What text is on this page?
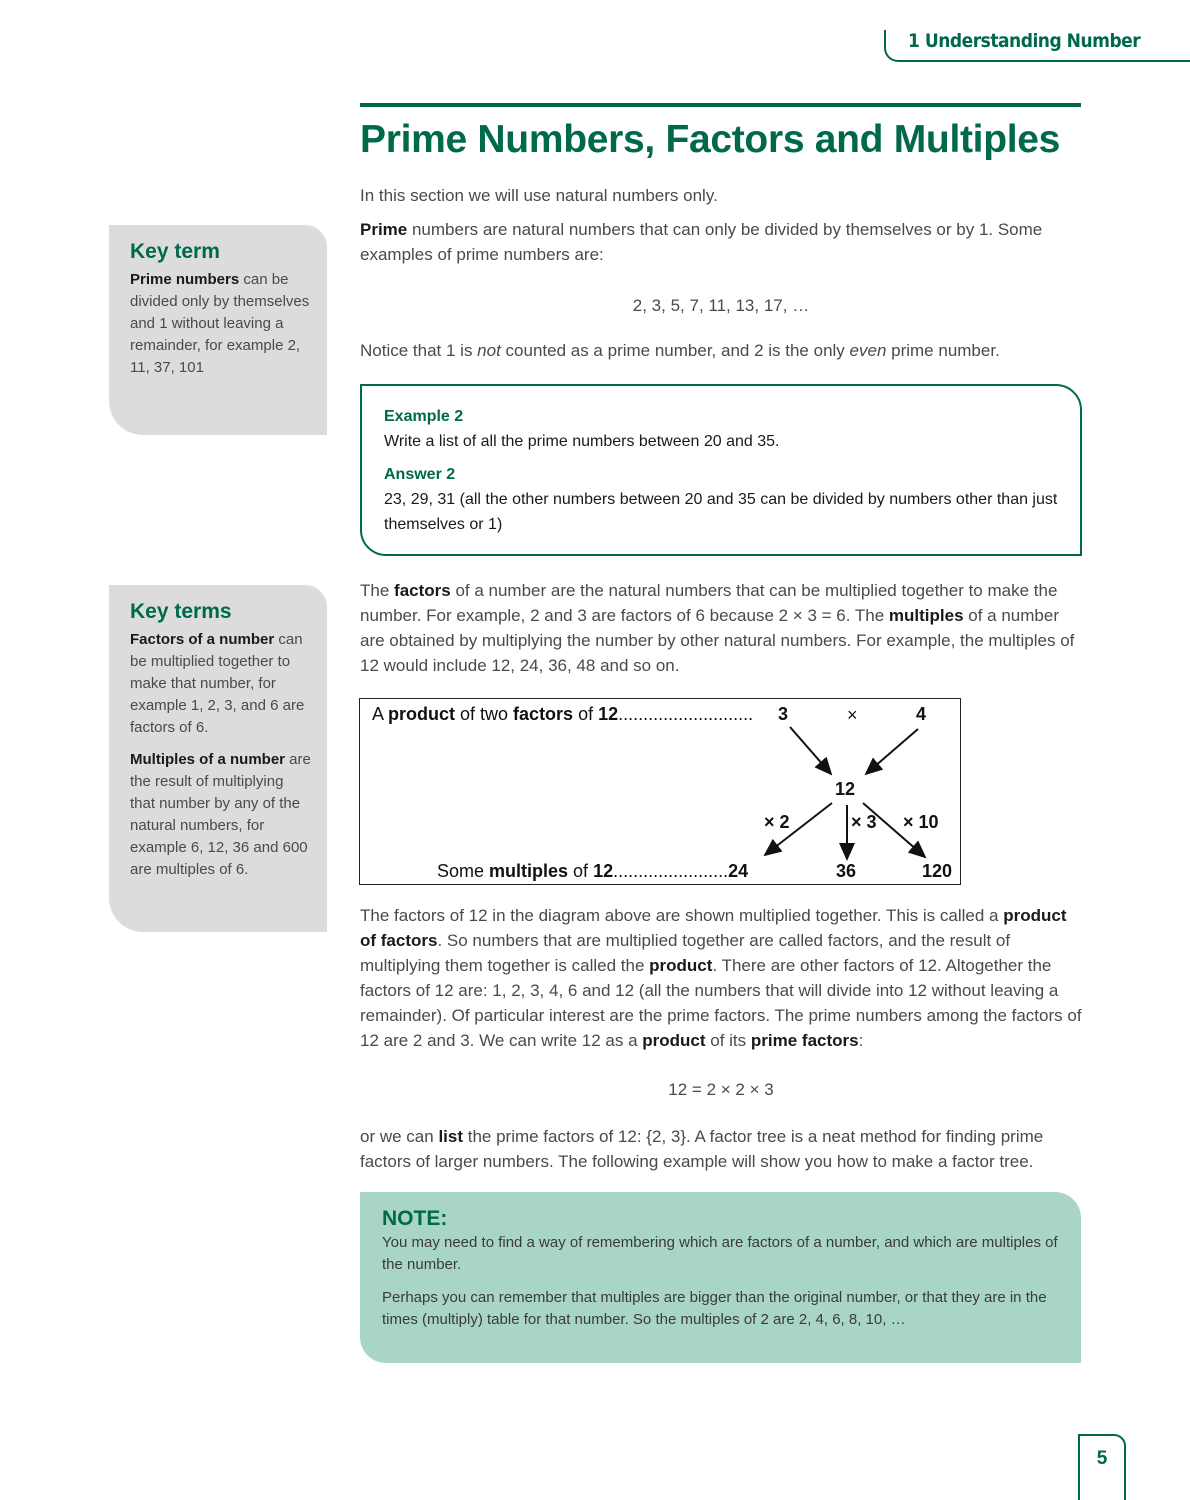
1 Understanding Number
Prime Numbers, Factors and Multiples
In this section we will use natural numbers only.
Prime numbers are natural numbers that can only be divided by themselves or by 1. Some examples of prime numbers are:
2, 3, 5, 7, 11, 13, 17, …
Notice that 1 is not counted as a prime number, and 2 is the only even prime number.
Key term

Prime numbers can be divided only by themselves and 1 without leaving a remainder, for example 2, 11, 37, 101

Example 2

Write a list of all the prime numbers between 20 and 35.

Answer 2

23, 29, 31 (all the other numbers between 20 and 35 can be divided by numbers other than just themselves or 1)

The factors of a number are the natural numbers that can be multiplied together to make the number. For example, 2 and 3 are factors of 6 because 2 × 3 = 6. The multiples of a number are obtained by multiplying the number by other natural numbers. For example, the multiples of 12 would include 12, 24, 36, 48 and so on.
Key terms

Factors of a number can be multiplied together to make that number, for example 1, 2, 3, and 6 are factors of 6.

Multiples of a number are the result of multiplying that number by any of the natural numbers, for example 6, 12, 36 and 600 are multiples of 6.

A product of two factors of 12........................... 3	×	4
12
× 2	× 3 × 10
Some multiples of 12.......................24	36	120
The factors of 12 in the diagram above are shown multiplied together. This is called a product of factors. So numbers that are multiplied together are called factors, and the result of multiplying them together is called the product. There are other factors of 12. Altogether the factors of 12 are: 1, 2, 3, 4, 6 and 12 (all the numbers that will divide into 12 without leaving a remainder). Of particular interest are the prime factors. The prime numbers among the factors of 12 are 2 and 3. We can write 12 as a product of its prime factors:
12 = 2 × 2 × 3
or we can list the prime factors of 12: {2, 3}. A factor tree is a neat method for finding prime factors of larger numbers. The following example will show you how to make a factor tree.
NOTE:

You may need to find a way of remembering which are factors of a number, and which are multiples of the number.

Perhaps you can remember that multiples are bigger than the original number, or that they are in the times (multiply) table for that number. So the multiples of 2 are 2, 4, 6, 8, 10, …

5
